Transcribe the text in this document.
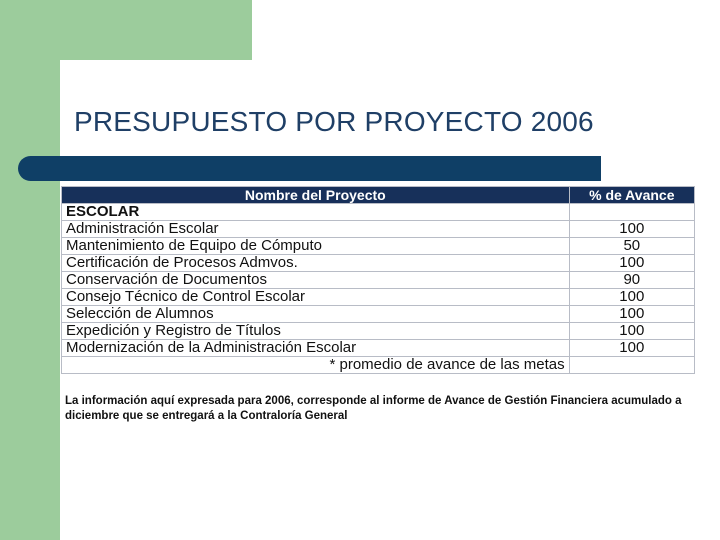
PRESUPUESTO POR PROYECTO 2006
Nombre del Proyecto	% de Avance
ESCOLAR	
Administración Escolar	100
Mantenimiento de Equipo de Cómputo	50
Certificación de Procesos Admvos.	100
Conservación de Documentos	90
Consejo Técnico de Control Escolar	100
Selección de Alumnos	100
Expedición y Registro de Títulos	100
Modernización de la Administración Escolar	100
* promedio de avance de las metas	
La información aquí expresada para 2006, corresponde al informe de Avance de Gestión Financiera acumulado a diciembre que se entregará a la Contraloría General
